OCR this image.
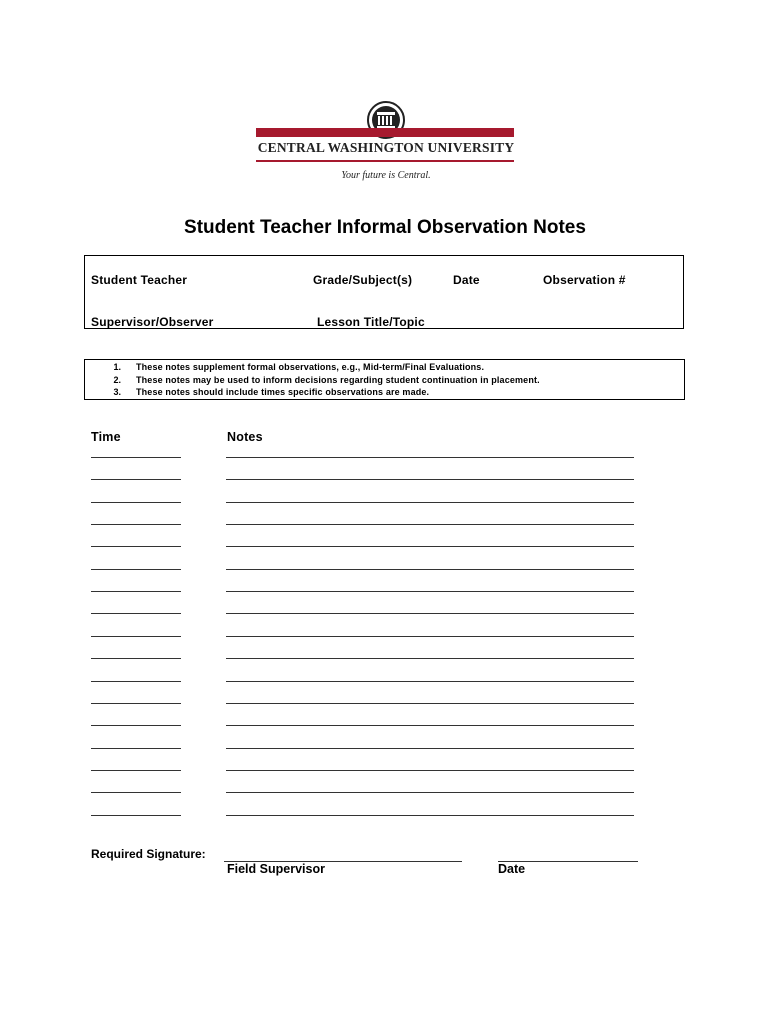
CENTRAL WASHINGTON UNIVERSITY
Your future is Central.
Student Teacher Informal Observation Notes
Student Teacher	Grade/Subject(s)	Date	Observation #
Supervisor/Observer	Lesson Title/Topic
1. These notes supplement formal observations, e.g., Mid-term/Final Evaluations.
2. These notes may be used to inform decisions regarding student continuation in placement.
3. These notes should include times specific observations are made.
Time	Notes
Required Signature:
Field Supervisor	Date
